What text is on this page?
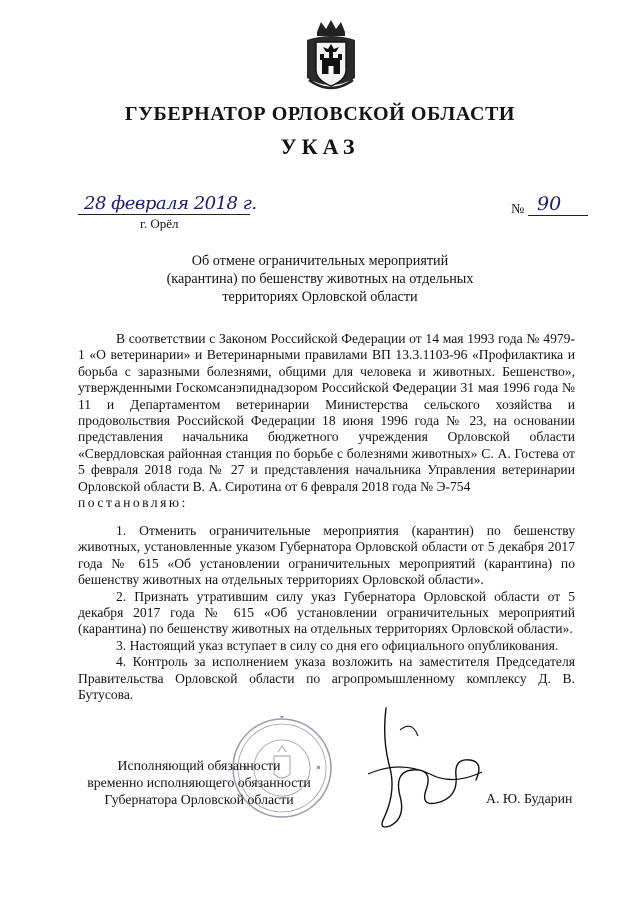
ГУБЕРНАТОР ОРЛОВСКОЙ ОБЛАСТИ
УКАЗ
28 февраля 2018 г.
г. Орёл
№ 90
Об отмене ограничительных мероприятий
(карантина) по бешенству животных на отдельных
территориях Орловской области

В соответствии с Законом Российской Федерации от 14 мая 1993 года № 4979-1 «О ветеринарии» и Ветеринарными правилами ВП 13.3.1103-96 «Профилактика и борьба с заразными болезнями, общими для человека и животных. Бешенство», утвержденными Госкомсанэпиднадзором Российской Федерации 31 мая 1996 года № 11 и Департаментом ветеринарии Министерства сельского хозяйства и продовольствия Российской Федерации 18 июня 1996 года № 23, на основании представления начальника бюджетного учреждения Орловской области «Свердловская районная станция по борьбе с болезнями животных» С. А. Гостева от 5 февраля 2018 года № 27 и представления начальника Управления ветеринарии Орловской области В. А. Сиротина от 6 февраля 2018 года № Э-754
постановляю:

1. Отменить ограничительные мероприятия (карантин) по бешенству животных, установленные указом Губернатора Орловской области от 5 декабря 2017 года № 615 «Об установлении ограничительных мероприятий (карантина) по бешенству животных на отдельных территориях Орловской области».

2. Признать утратившим силу указ Губернатора Орловской области от 5 декабря 2017 года № 615 «Об установлении ограничительных мероприятий (карантина) по бешенству животных на отдельных территориях Орловской области».

3. Настоящий указ вступает в силу со дня его официального опубликования.

4. Контроль за исполнением указа возложить на заместителя Председателя Правительства Орловской области по агропромышленному комплексу Д. В. Бутусова.

Исполняющий обязанности
временно исполняющего обязанности
Губернатора Орловской области	А. Ю. Бударин
